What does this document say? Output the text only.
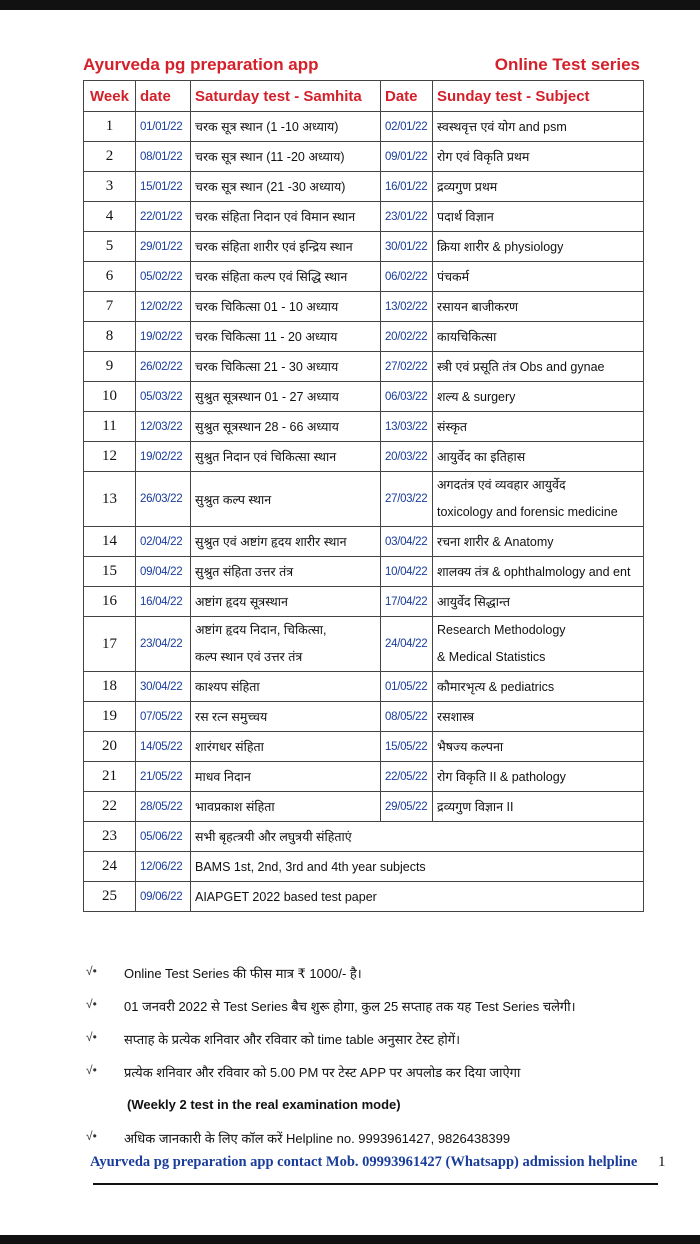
Ayurveda pg preparation app	Online Test series
Week	date	Saturday test - Samhita	Date	Sunday test - Subject
1	01/01/22	चरक सूत्र स्थान (1 -10 अध्याय)	02/01/22	स्वस्थवृत्त एवं योग and psm
2	08/01/22	चरक सूत्र स्थान (11 -20 अध्याय)	09/01/22	रोग एवं विकृति प्रथम
3	15/01/22	चरक सूत्र स्थान (21 -30 अध्याय)	16/01/22	द्रव्यगुण प्रथम
4	22/01/22	चरक संहिता निदान एवं विमान स्थान	23/01/22	पदार्थ विज्ञान
5	29/01/22	चरक संहिता शारीर एवं इन्द्रिय स्थान	30/01/22	क्रिया शारीर & physiology
6	05/02/22	चरक संहिता कल्प एवं सिद्धि स्थान	06/02/22	पंचकर्म
7	12/02/22	चरक चिकित्सा 01 - 10 अध्याय	13/02/22	रसायन बाजीकरण
8	19/02/22	चरक चिकित्सा 11 - 20 अध्याय	20/02/22	कायचिकित्सा
9	26/02/22	चरक चिकित्सा 21 - 30 अध्याय	27/02/22	स्त्री एवं प्रसूति तंत्र Obs and gynae
10	05/03/22	सुश्रुत सूत्रस्थान 01 - 27 अध्याय	06/03/22	शल्य & surgery
11	12/03/22	सुश्रुत सूत्रस्थान 28 - 66 अध्याय	13/03/22	संस्कृत
12	19/02/22	सुश्रुत निदान एवं चिकित्सा स्थान	20/03/22	आयुर्वेद का इतिहास
13	26/03/22	सुश्रुत कल्प स्थान	27/03/22	अगदतंत्र एवं व्यवहार आयुर्वेद
toxicology and forensic medicine

14	02/04/22	सुश्रुत एवं अष्टांग हृदय शारीर स्थान	03/04/22	रचना शारीर & Anatomy
15	09/04/22	सुश्रुत संहिता उत्तर तंत्र	10/04/22	शालक्य तंत्र & ophthalmology and ent
16	16/04/22	अष्टांग हृदय सूत्रस्थान	17/04/22	आयुर्वेद सिद्धान्त
17	23/04/22	अष्टांग हृदय निदान, चिकित्सा,
कल्प स्थान एवं उत्तर तंत्र	24/04/22	Research Methodology
& Medical Statistics

18	30/04/22	काश्यप संहिता	01/05/22	कौमारभृत्य & pediatrics
19	07/05/22	रस रत्न समुच्चय	08/05/22	रसशास्त्र
20	14/05/22	शारंगधर संहिता	15/05/22	भैषज्य कल्पना
21	21/05/22	माधव निदान	22/05/22	रोग विकृति II & pathology
22	28/05/22	भावप्रकाश संहिता	29/05/22	द्रव्यगुण विज्ञान II
23	05/06/22	सभी बृहत्त्रयी और लघुत्रयी संहिताएं		
24	12/06/22	BAMS 1st, 2nd, 3rd and 4th year subjects		
25	09/06/22	AIAPGET 2022 based test paper		
√• Online Test Series की फीस मात्र ₹ 1000/- है।
√• 01 जनवरी 2022 से Test Series बैच शुरू होगा, कुल 25 सप्ताह तक यह Test Series चलेगी।
√• सप्ताह के प्रत्येक शनिवार और रविवार को time table अनुसार टेस्ट होगें।
√• प्रत्येक शनिवार और रविवार को 5.00 PM पर टेस्ट APP पर अपलोड कर दिया जाऐगा
(Weekly 2 test in the real examination mode)
√• अधिक जानकारी के लिए कॉल करें Helpline no. 9993961427, 9826438399
Ayurveda pg preparation app contact Mob. 09993961427 (Whatsapp) admission helpline 1
